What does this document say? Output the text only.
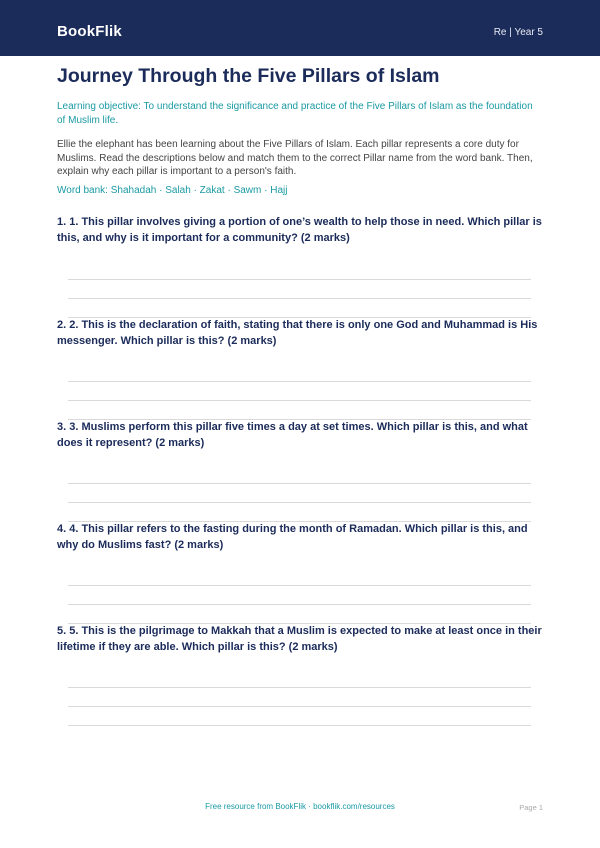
BookFlik	Re | Year 5
Journey Through the Five Pillars of Islam
Learning objective: To understand the significance and practice of the Five Pillars of Islam as the foundation of Muslim life.
Ellie the elephant has been learning about the Five Pillars of Islam. Each pillar represents a core duty for Muslims. Read the descriptions below and match them to the correct Pillar name from the word bank. Then, explain why each pillar is important to a person's faith.
Word bank: Shahadah · Salah · Zakat · Sawm · Hajj
1. 1. This pillar involves giving a portion of one’s wealth to help those in need. Which pillar is this, and why is it important for a community? (2 marks)
2. 2. This is the declaration of faith, stating that there is only one God and Muhammad is His messenger. Which pillar is this? (2 marks)
3. 3. Muslims perform this pillar five times a day at set times. Which pillar is this, and what does it represent? (2 marks)
4. 4. This pillar refers to the fasting during the month of Ramadan. Which pillar is this, and why do Muslims fast? (2 marks)
5. 5. This is the pilgrimage to Makkah that a Muslim is expected to make at least once in their lifetime if they are able. Which pillar is this? (2 marks)
Free resource from BookFlik · bookflik.com/resources	Page 1
